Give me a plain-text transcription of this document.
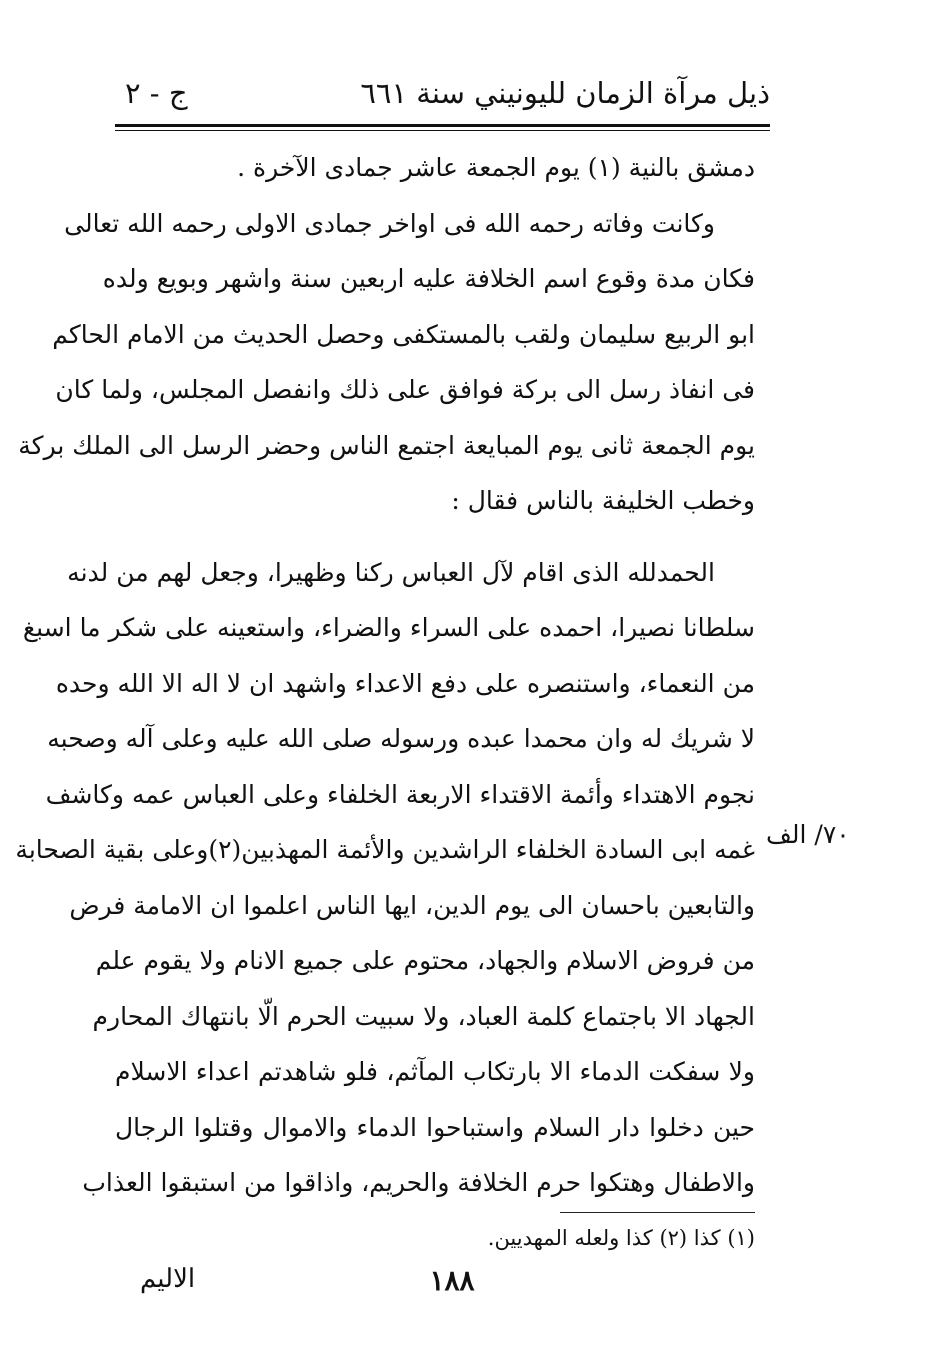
ذيل مرآة الزمان لليونيني سنة ٦٦١
ج - ٢
دمشق بالنية (١) يوم الجمعة عاشر جمادى الآخرة .
وكانت وفاته رحمه الله فى اواخر جمادى الاولى رحمه الله تعالى
فكان مدة وقوع اسم الخلافة عليه اربعين سنة واشهر وبويع ولده
ابو الربيع سليمان ولقب بالمستكفى وحصل الحديث من الامام الحاكم
فى انفاذ رسل الى بركة فوافق على ذلك وانفصل المجلس، ولما كان
يوم الجمعة ثانى يوم المبايعة اجتمع الناس وحضر الرسل الى الملك بركة
وخطب الخليفة بالناس فقال :
الحمدلله الذى اقام لآل العباس ركنا وظهيرا، وجعل لهم من لدنه
سلطانا نصيرا، احمده على السراء والضراء، واستعينه على شكر ما اسبغ
من النعماء، واستنصره على دفع الاعداء واشهد ان لا اله الا الله وحده
لا شريك له وان محمدا عبده ورسوله صلى الله عليه وعلى آله وصحبه
نجوم الاهتداء وأئمة الاقتداء الاربعة الخلفاء وعلى العباس عمه وكاشف
غمه ابى السادة الخلفاء الراشدين والأئمة المهذبين(٢)وعلى بقية الصحابة
والتابعين باحسان الى يوم الدين، ايها الناس اعلموا ان الامامة فرض
من فروض الاسلام والجهاد، محتوم على جميع الانام ولا يقوم علم
الجهاد الا باجتماع كلمة العباد، ولا سبيت الحرم الّا بانتهاك المحارم
ولا سفكت الدماء الا بارتكاب المآثم، فلو شاهدتم اعداء الاسلام
حين دخلوا دار السلام واستباحوا الدماء والاموال وقتلوا الرجال
والاطفال وهتكوا حرم الخلافة والحريم، واذاقوا من استبقوا العذاب
٧٠/ الف
(١) كذا (٢) كذا ولعله المهديين.
١٨٨
الاليم
